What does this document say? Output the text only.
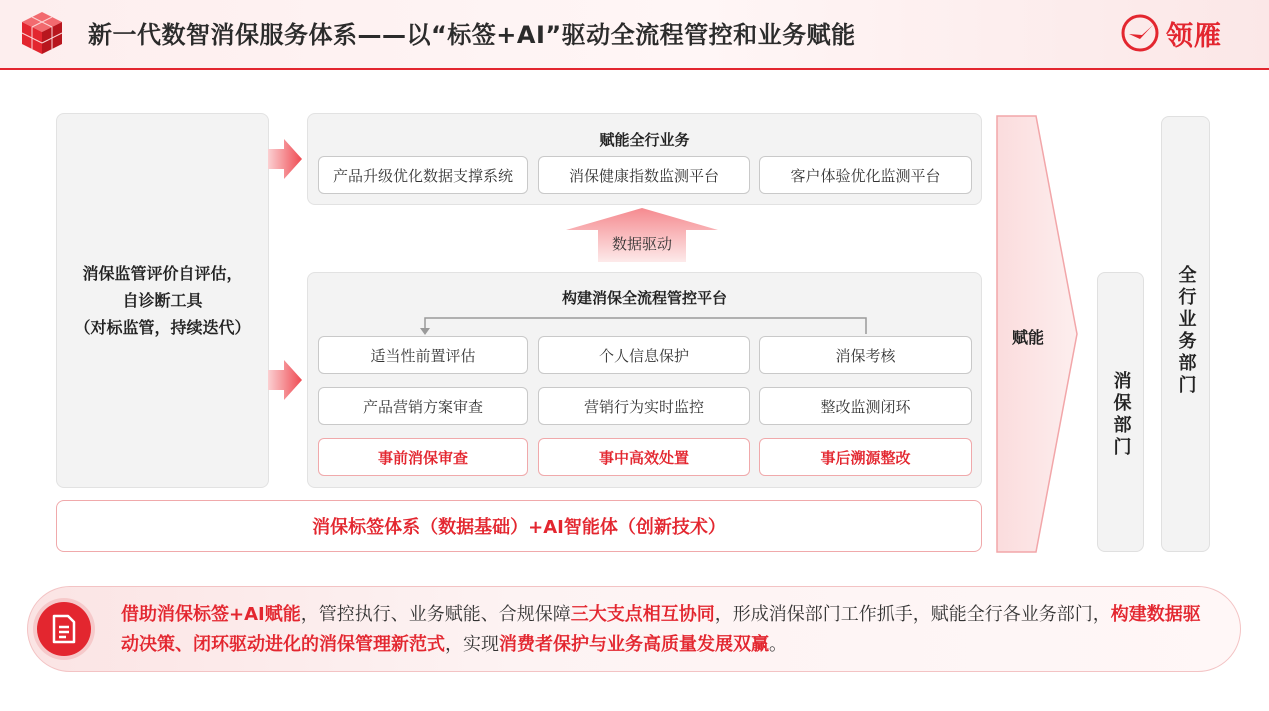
新一代数智消保服务体系——以“标签+AI”驱动全流程管控和业务赋能	领雁
消保监管评价自评估，
自诊断工具
（对标监管，持续迭代）
赋能全行业务
产品升级优化数据支撑系统	消保健康指数监测平台	客户体验优化监测平台
数据驱动
构建消保全流程管控平台
适当性前置评估	个人信息保护	消保考核
产品营销方案审查	营销行为实时监控	整改监测闭环
事前消保审查	事中高效处置	事后溯源整改
消保标签体系（数据基础）+AI智能体（创新技术）
赋能
消保部门
全行业务部门
借助消保标签+AI赋能，管控执行、业务赋能、合规保障三大支点相互协同，形成消保部门工作抓手，赋能全行各业务部门，构建数据驱动决策、闭环驱动进化的消保管理新范式，实现消费者保护与业务高质量发展双赢。
